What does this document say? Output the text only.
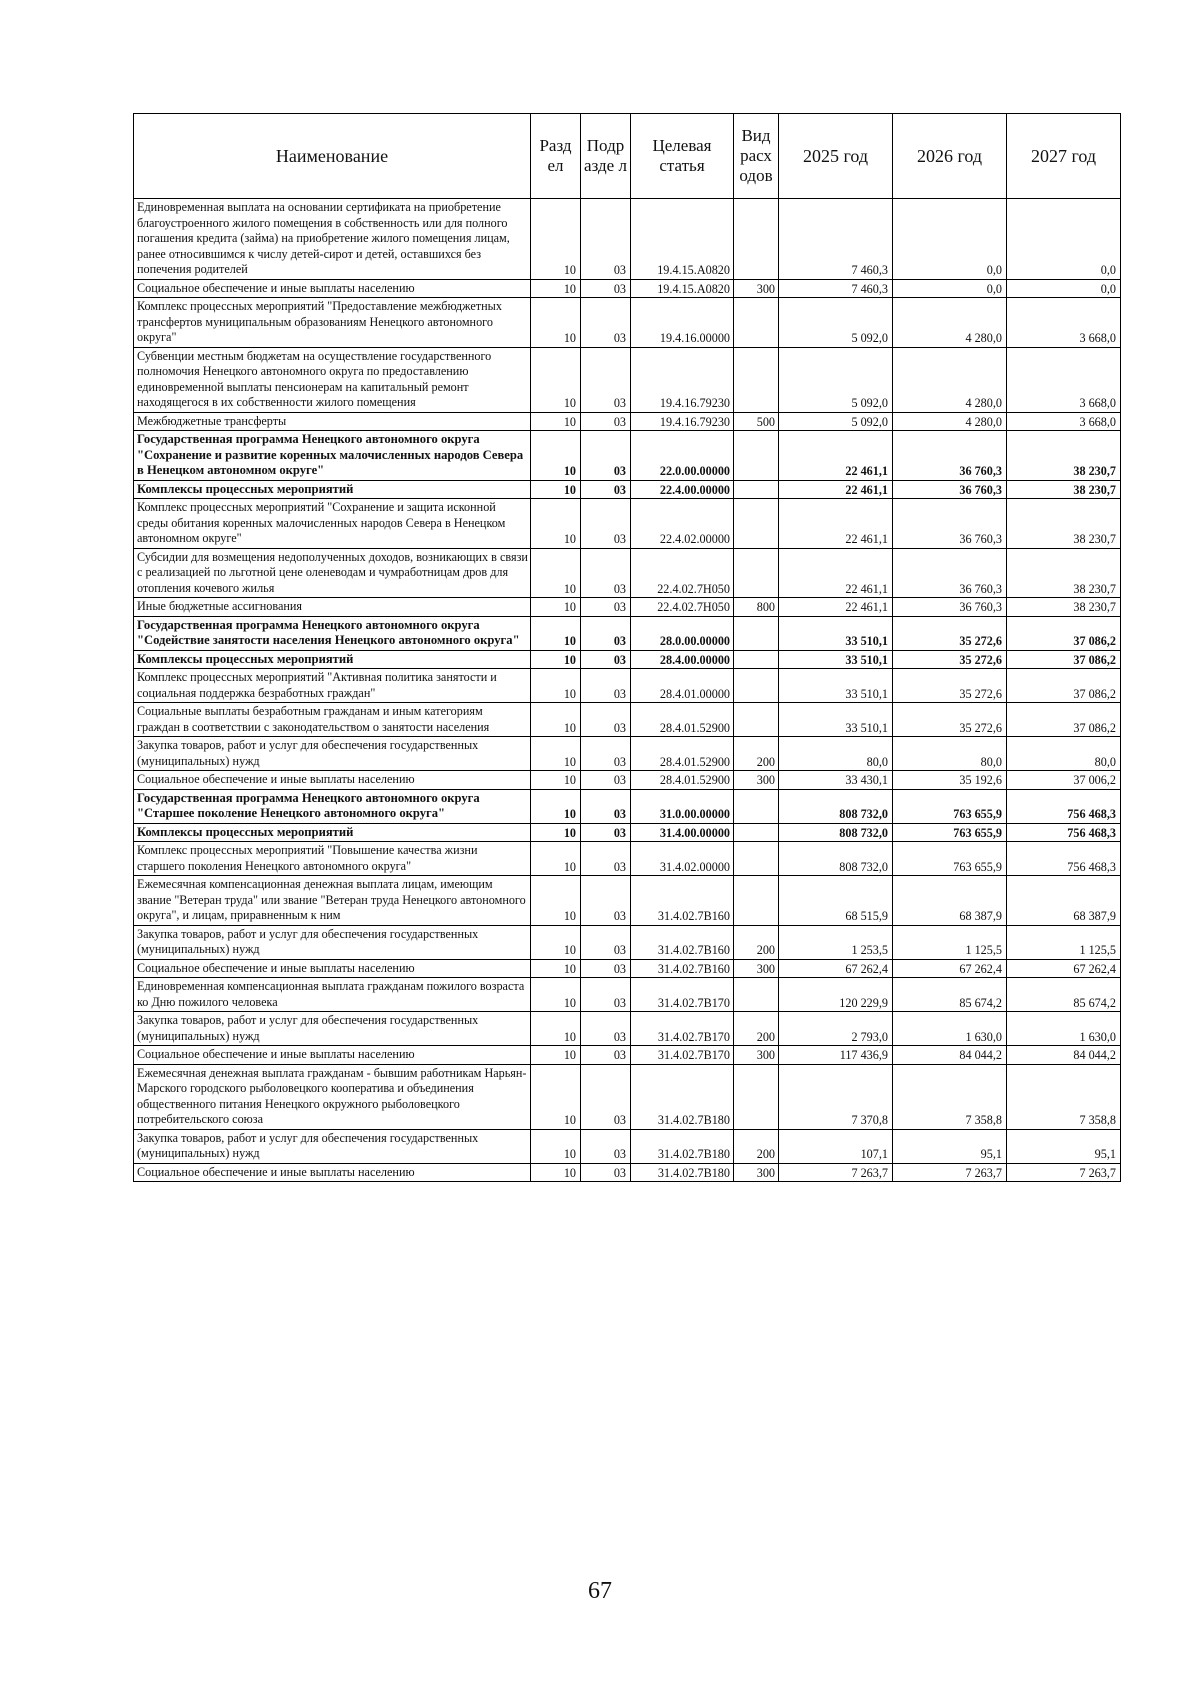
Наименование	Разд ел	Подр азде л	Целевая статья	Вид расх одов	2025 год	2026 год	2027 год
Единовременная выплата на основании сертификата на приобретение благоустроенного жилого помещения в собственность или для полного погашения кредита (займа) на приобретение жилого помещения лицам, ранее относившимся к числу детей-сирот и детей, оставшихся без попечения родителей	10	03	19.4.15.А0820		7 460,3	0,0	0,0
Социальное обеспечение и иные выплаты населению	10	03	19.4.15.А0820	300	7 460,3	0,0	0,0
Комплекс процессных мероприятий "Предоставление межбюджетных трансфертов муниципальным образованиям Ненецкого автономного округа"	10	03	19.4.16.00000		5 092,0	4 280,0	3 668,0
Субвенции местным бюджетам на осуществление государственного полномочия Ненецкого автономного округа по предоставлению единовременной выплаты пенсионерам на капитальный ремонт находящегося в их собственности жилого помещения	10	03	19.4.16.79230		5 092,0	4 280,0	3 668,0
Межбюджетные трансферты	10	03	19.4.16.79230	500	5 092,0	4 280,0	3 668,0
Государственная программа Ненецкого автономного округа "Сохранение и развитие коренных малочисленных народов Севера в Ненецком автономном округе"	10	03	22.0.00.00000		22 461,1	36 760,3	38 230,7
Комплексы процессных мероприятий	10	03	22.4.00.00000		22 461,1	36 760,3	38 230,7
Комплекс процессных мероприятий "Сохранение и защита исконной среды обитания коренных малочисленных народов Севера в Ненецком автономном округе"	10	03	22.4.02.00000		22 461,1	36 760,3	38 230,7
Субсидии для возмещения недополученных доходов, возникающих в связи с реализацией по льготной цене оленеводам и чумработницам дров для отопления кочевого жилья	10	03	22.4.02.7Н050		22 461,1	36 760,3	38 230,7
Иные бюджетные ассигнования	10	03	22.4.02.7Н050	800	22 461,1	36 760,3	38 230,7
Государственная программа Ненецкого автономного округа "Содействие занятости населения Ненецкого автономного округа"	10	03	28.0.00.00000		33 510,1	35 272,6	37 086,2
Комплексы процессных мероприятий	10	03	28.4.00.00000		33 510,1	35 272,6	37 086,2
Комплекс процессных мероприятий "Активная политика занятости и социальная поддержка безработных граждан"	10	03	28.4.01.00000		33 510,1	35 272,6	37 086,2
Социальные выплаты безработным гражданам и иным категориям граждан в соответствии с законодательством о занятости населения	10	03	28.4.01.52900		33 510,1	35 272,6	37 086,2
Закупка товаров, работ и услуг для обеспечения государственных (муниципальных) нужд	10	03	28.4.01.52900	200	80,0	80,0	80,0
Социальное обеспечение и иные выплаты населению	10	03	28.4.01.52900	300	33 430,1	35 192,6	37 006,2
Государственная программа Ненецкого автономного округа "Старшее поколение Ненецкого автономного округа"	10	03	31.0.00.00000		808 732,0	763 655,9	756 468,3
Комплексы процессных мероприятий	10	03	31.4.00.00000		808 732,0	763 655,9	756 468,3
Комплекс процессных мероприятий "Повышение качества жизни старшего поколения Ненецкого автономного округа"	10	03	31.4.02.00000		808 732,0	763 655,9	756 468,3
Ежемесячная компенсационная денежная выплата лицам, имеющим звание "Ветеран труда" или звание "Ветеран труда Ненецкого автономного округа", и лицам, приравненным к ним	10	03	31.4.02.7В160		68 515,9	68 387,9	68 387,9
Закупка товаров, работ и услуг для обеспечения государственных (муниципальных) нужд	10	03	31.4.02.7В160	200	1 253,5	1 125,5	1 125,5
Социальное обеспечение и иные выплаты населению	10	03	31.4.02.7В160	300	67 262,4	67 262,4	67 262,4
Единовременная компенсационная выплата гражданам пожилого возраста ко Дню пожилого человека	10	03	31.4.02.7В170		120 229,9	85 674,2	85 674,2
Закупка товаров, работ и услуг для обеспечения государственных (муниципальных) нужд	10	03	31.4.02.7В170	200	2 793,0	1 630,0	1 630,0
Социальное обеспечение и иные выплаты населению	10	03	31.4.02.7В170	300	117 436,9	84 044,2	84 044,2
Ежемесячная денежная выплата гражданам - бывшим работникам Нарьян-Марского городского рыболовецкого кооператива и объединения общественного питания Ненецкого окружного рыболовецкого потребительского союза	10	03	31.4.02.7В180		7 370,8	7 358,8	7 358,8
Закупка товаров, работ и услуг для обеспечения государственных (муниципальных) нужд	10	03	31.4.02.7В180	200	107,1	95,1	95,1
Социальное обеспечение и иные выплаты населению	10	03	31.4.02.7В180	300	7 263,7	7 263,7	7 263,7
67
